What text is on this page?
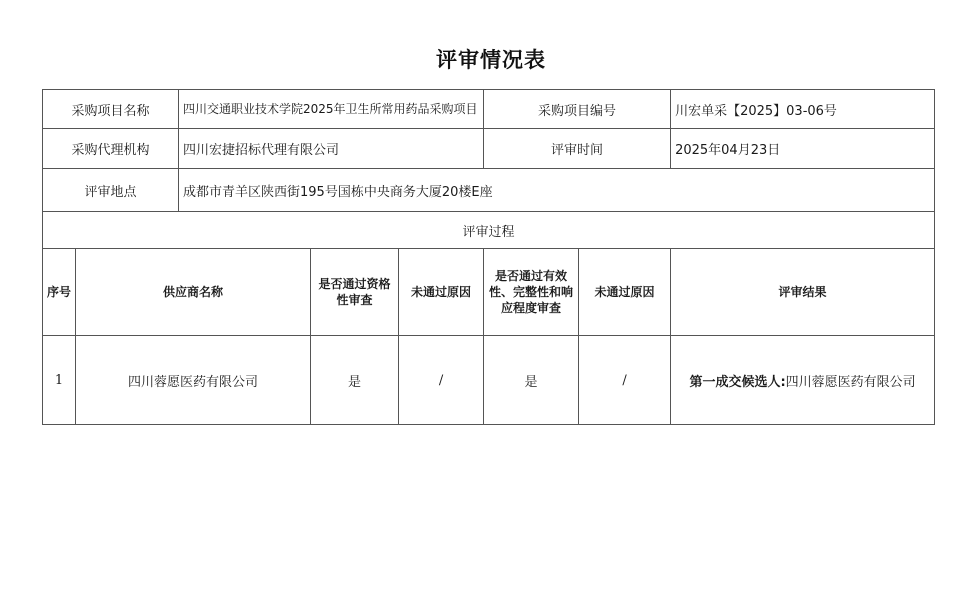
评审情况表
采购项目名称		四川交通职业技术学院2025年卫生所常用药品采购项目			采购项目编号		川宏单采【2025】03-06号
采购代理机构		四川宏捷招标代理有限公司			评审时间		2025年04月23日
评审地点		成都市青羊区陕西街195号国栋中央商务大厦20楼E座					
评审过程							
序号	供应商名称		是否通过资格性审查	未通过原因	是否通过有效性、完整性和响应程度审查	未通过原因	评审结果
1	四川蓉愿医药有限公司		是	/	是	/	第一成交候选人:四川蓉愿医药有限公司
